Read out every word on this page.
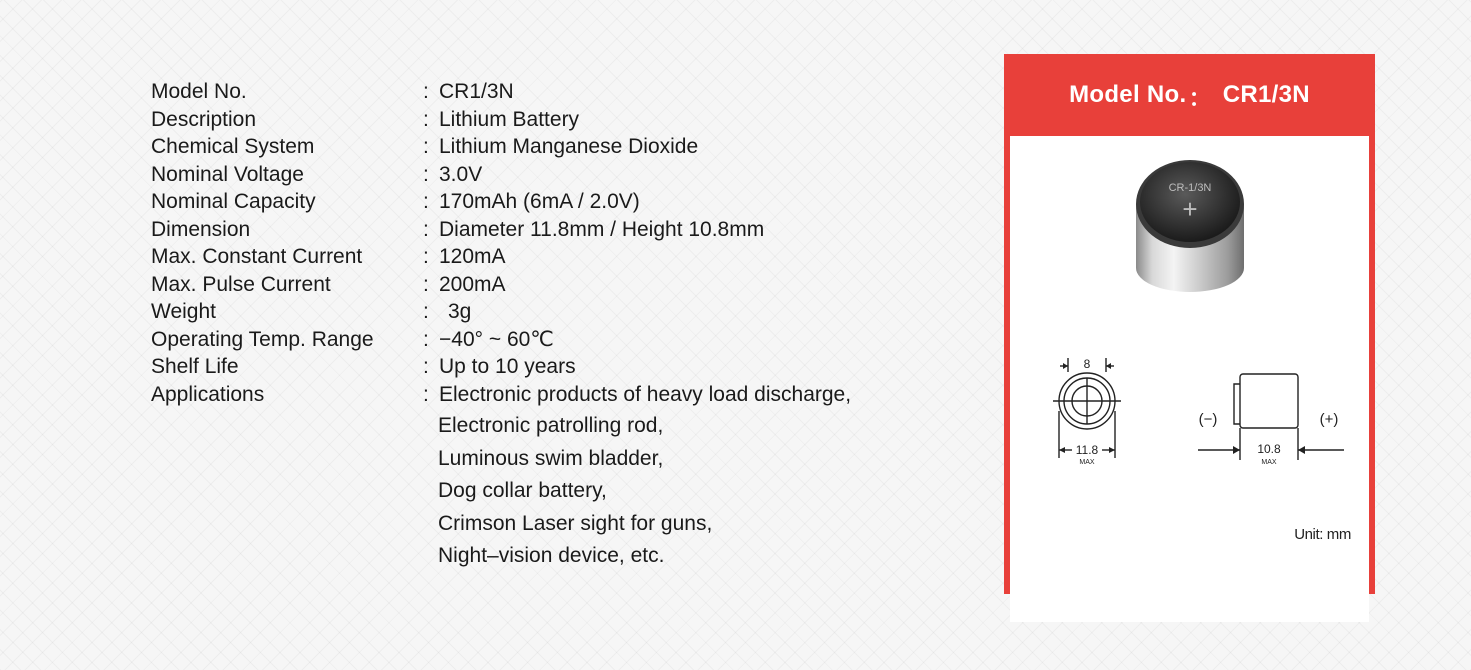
Model No.	: CR1/3N
Description	: Lithium Battery
Chemical System	: Lithium Manganese Dioxide
Nominal Voltage	: 3.0V
Nominal Capacity	: 170mAh (6mA / 2.0V)
Dimension	: Diameter 11.8mm / Height 10.8mm
Max. Constant Current	: 120mA
Max. Pulse Current	: 200mA
Weight	: 3g
Operating Temp. Range	: −40° ~ 60℃
Shelf Life	: Up to 10 years
Applications	: Electronic products of heavy load discharge,
Electronic patrolling rod,
Luminous swim bladder,
Dog collar battery,
Crimson Laser sight for guns,
Night–vision device, etc.
Model No. ： CR1/3N
CR-1/3N
+
8
11.8
MAX
(−)	(+)
10.8
MAX
Unit: mm
